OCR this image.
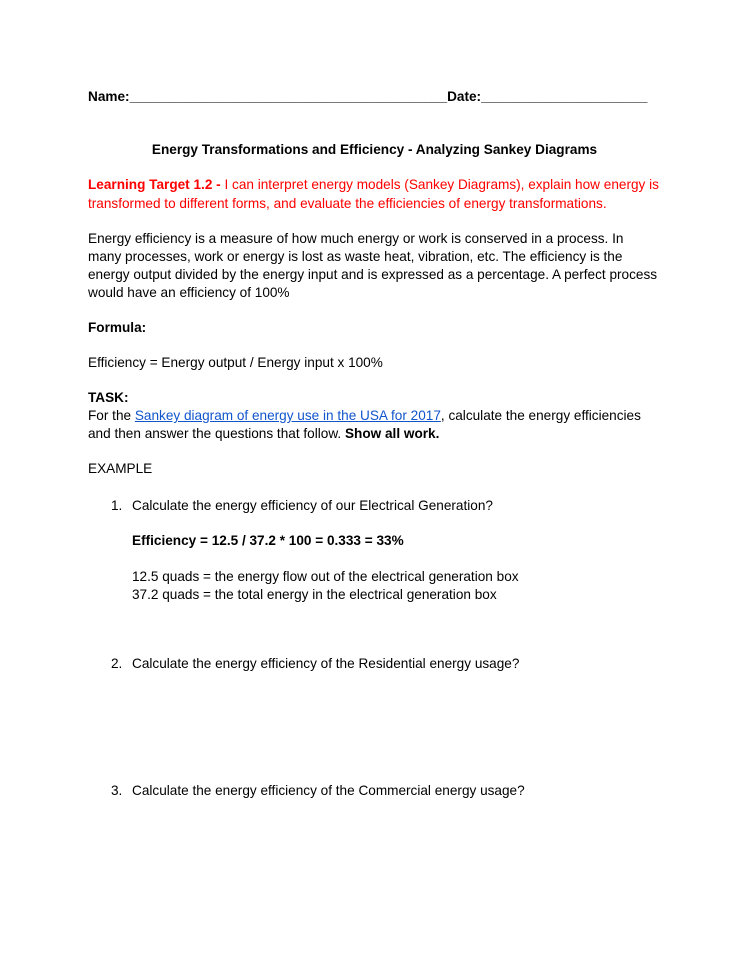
Name:__________________________________________Date:______________________
Energy Transformations and Efficiency - Analyzing Sankey Diagrams
Learning Target 1.2 - I can interpret energy models (Sankey Diagrams), explain how energy is
transformed to different forms, and evaluate the efficiencies of energy transformations.
Energy efficiency is a measure of how much energy or work is conserved in a process. In
many processes, work or energy is lost as waste heat, vibration, etc. The efficiency is the
energy output divided by the energy input and is expressed as a percentage. A perfect process
would have an efficiency of 100%
Formula:
Efficiency = Energy output / Energy input x 100%
TASK:
For the Sankey diagram of energy use in the USA for 2017, calculate the energy efficiencies
and then answer the questions that follow. Show all work.
EXAMPLE
1. Calculate the energy efficiency of our Electrical Generation?
Efficiency = 12.5 / 37.2 * 100 = 0.333 = 33%
12.5 quads = the energy flow out of the electrical generation box
37.2 quads = the total energy in the electrical generation box
2. Calculate the energy efficiency of the Residential energy usage?
3. Calculate the energy efficiency of the Commercial energy usage?
